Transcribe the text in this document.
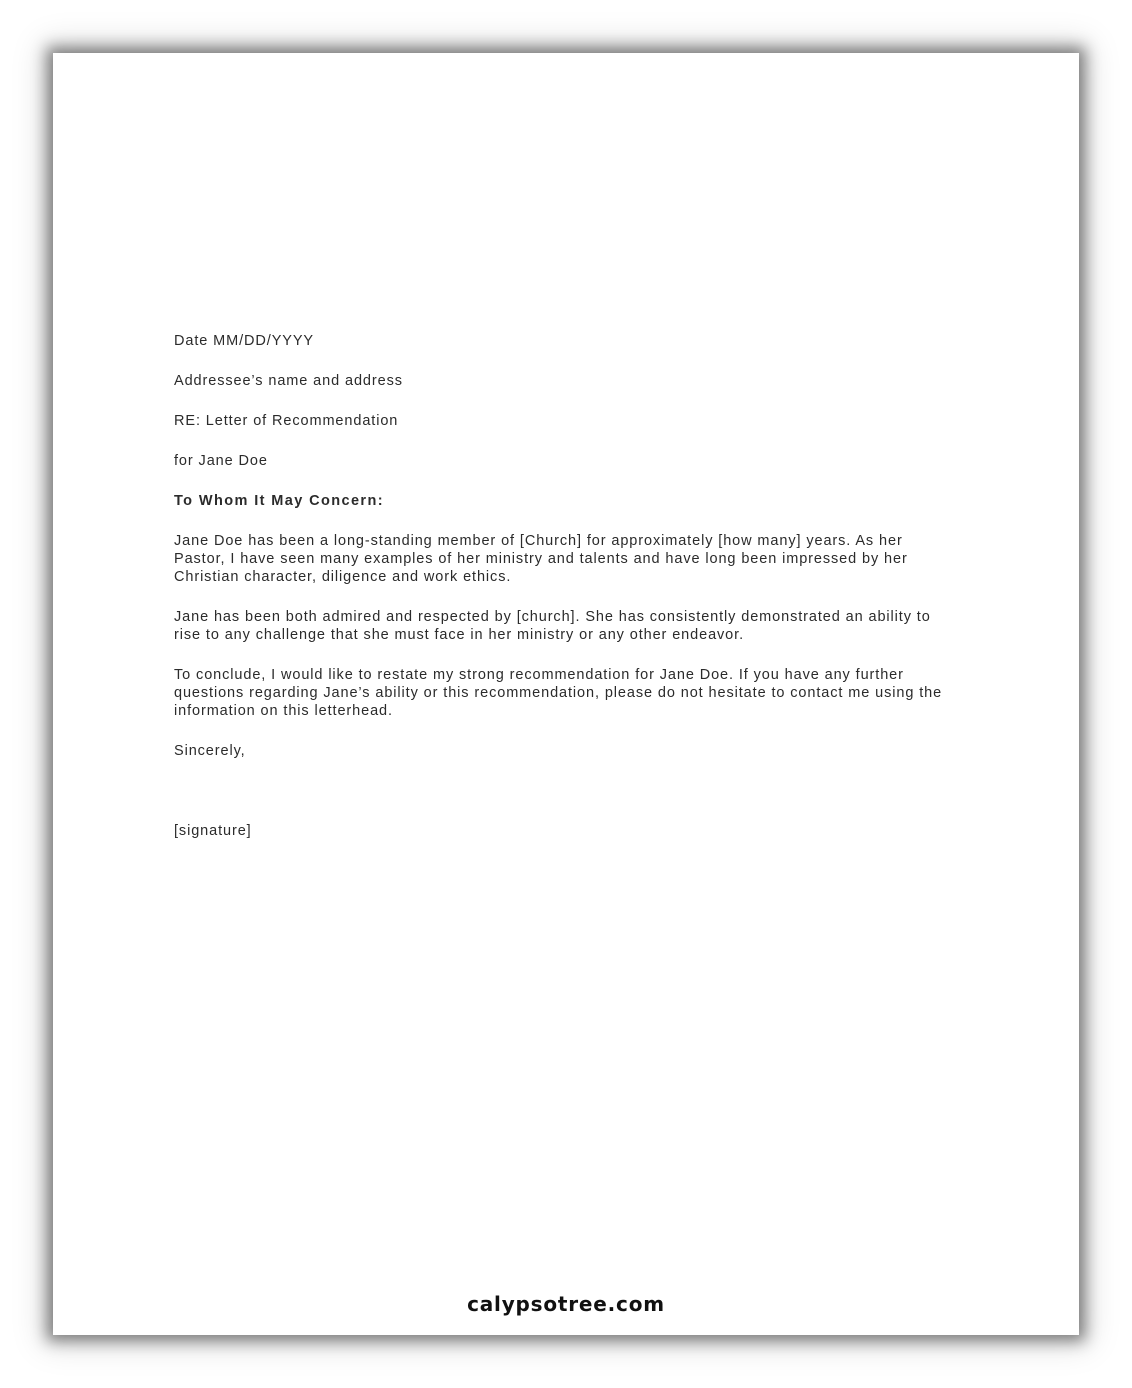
Date MM/DD/YYYY

Addressee’s name and address

RE: Letter of Recommendation

for Jane Doe

To Whom It May Concern:

Jane Doe has been a long-standing member of [Church] for approximately [how many] years. As her Pastor, I have seen many examples of her ministry and talents and have long been impressed by her Christian character, diligence and work ethics.

Jane has been both admired and respected by [church]. She has consistently demonstrated an ability to rise to any challenge that she must face in her ministry or any other endeavor.

To conclude, I would like to restate my strong recommendation for Jane Doe. If you have any further questions regarding Jane’s ability or this recommendation, please do not hesitate to contact me using the information on this letterhead.

Sincerely,

[signature]

calypsotree.com
